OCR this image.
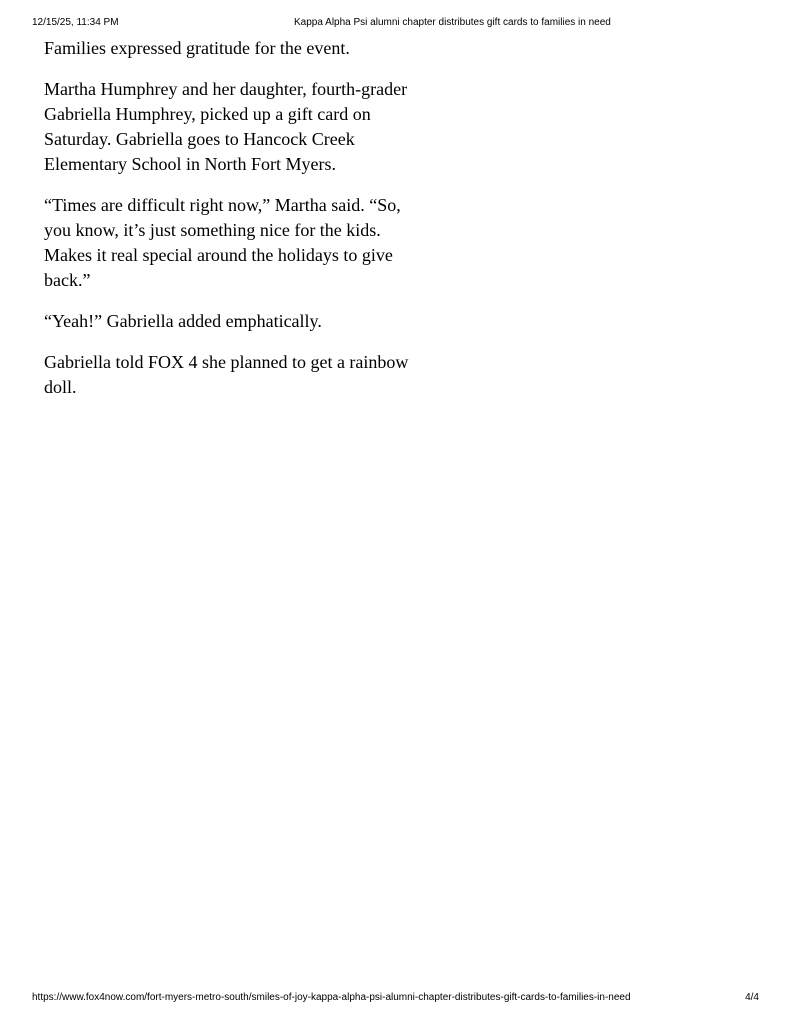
12/15/25, 11:34 PM	Kappa Alpha Psi alumni chapter distributes gift cards to families in need

Families expressed gratitude for the event.

Martha Humphrey and her daughter, fourth-grader Gabriella Humphrey, picked up a gift card on Saturday. Gabriella goes to Hancock Creek Elementary School in North Fort Myers.

“Times are difficult right now,” Martha said. “So, you know, it’s just something nice for the kids. Makes it real special around the holidays to give back.”

“Yeah!” Gabriella added emphatically.

Gabriella told FOX 4 she planned to get a rainbow doll.

https://www.fox4now.com/fort-myers-metro-south/smiles-of-joy-kappa-alpha-psi-alumni-chapter-distributes-gift-cards-to-families-in-need	4/4
